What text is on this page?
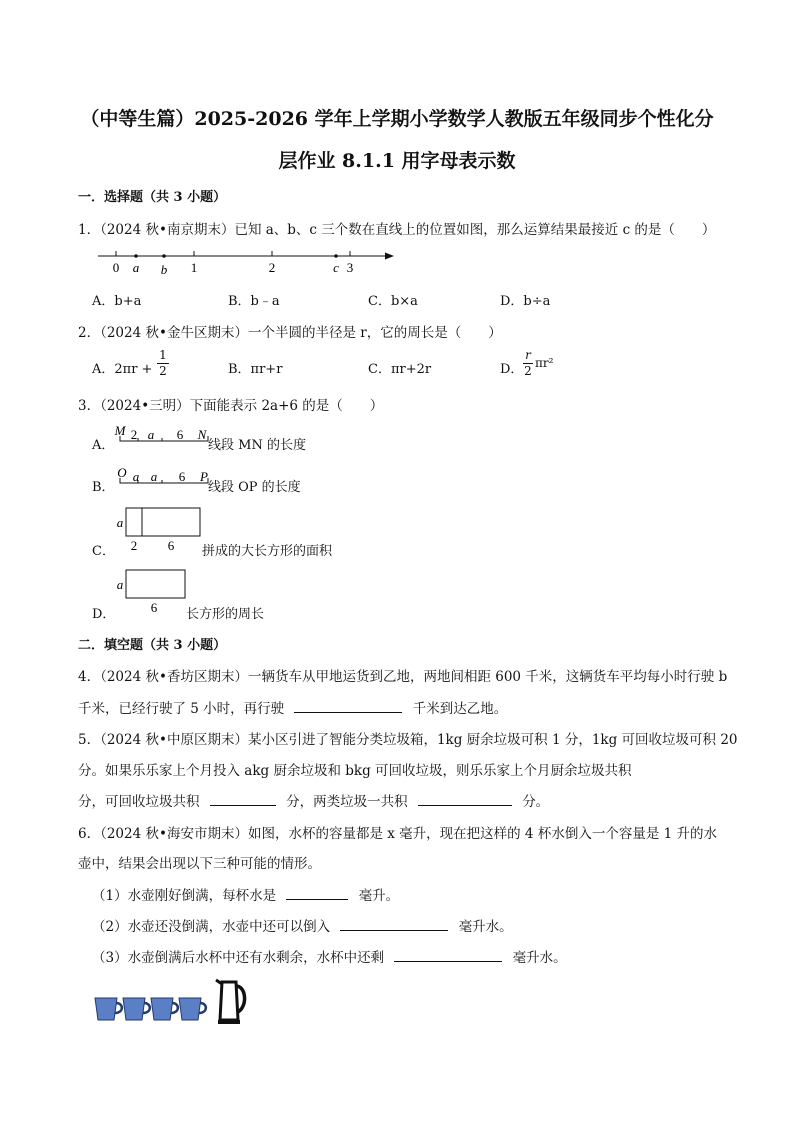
（中等生篇）2025-2026 学年上学期小学数学人教版五年级同步个性化分
层作业 8.1.1 用字母表示数
一．选择题（共 3 小题）
1．（2024 秋•南京期末）已知 a、b、c 三个数在直线上的位置如图，那么运算结果最接近 c 的是（　　）
0 a b 1	2	c 3
A．b+a	B．b﹣a	C．b×a	D．b÷a
2．（2024 秋•金牛区期末）一个半圆的半径是 r，它的周长是（　　）
A．$2\pi r + \frac{1}{2}$	B．πr+r	C．πr+2r	D． $\frac{r}{2} \pi r^2$
3．（2024•三明）下面能表示 2a+6 的是（　　）
A．
M 2 a 6 N
线段 MN 的长度
B．
O a a 6 P
线段 OP 的长度
C．
a
2 6 拼成的大长方形的面积
D．
a
6 长方形的周长
二．填空题（共 3 小题）
4．（2024 秋•香坊区期末）一辆货车从甲地运货到乙地，两地间相距 600 千米，这辆货车平均每小时行驶 b
千米，已经行驶了 5 小时，再行驶	千米到达乙地。
5．（2024 秋•中原区期末）某小区引进了智能分类垃圾箱，1kg 厨余垃圾可积 1 分，1kg 可回收垃圾可积 20
分。如果乐乐家上个月投入 akg 厨余垃圾和 bkg 可回收垃圾，则乐乐家上个月厨余垃圾共积
分，可回收垃圾共积	分，两类垃圾一共积	分。
6．（2024 秋•海安市期末）如图，水杯的容量都是 x 毫升，现在把这样的 4 杯水倒入一个容量是 1 升的水
壶中，结果会出现以下三种可能的情形。
（1）水壶刚好倒满，每杯水是	毫升。
（2）水壶还没倒满，水壶中还可以倒入	毫升水。
（3）水壶倒满后水杯中还有水剩余，水杯中还剩	毫升水。
